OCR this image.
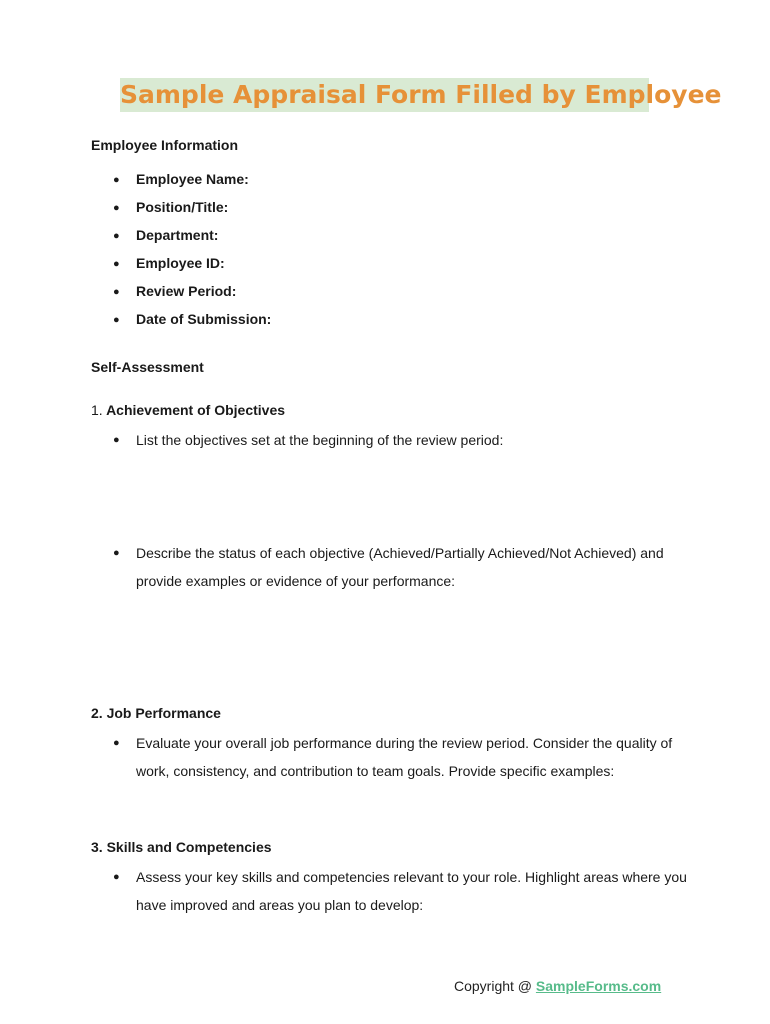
Sample Appraisal Form Filled by Employee
Employee Information
● Employee Name:
● Position/Title:
● Department:
● Employee ID:
● Review Period:
● Date of Submission:
Self-Assessment
1. Achievement of Objectives
●	List the objectives set at the beginning of the review period:
●	Describe the status of each objective (Achieved/Partially Achieved/Not Achieved) and provide examples or evidence of your performance:
2. Job Performance
●	Evaluate your overall job performance during the review period. Consider the quality of work, consistency, and contribution to team goals. Provide specific examples:
3. Skills and Competencies
●	Assess your key skills and competencies relevant to your role. Highlight areas where you have improved and areas you plan to develop:
Copyright @ SampleForms.com
